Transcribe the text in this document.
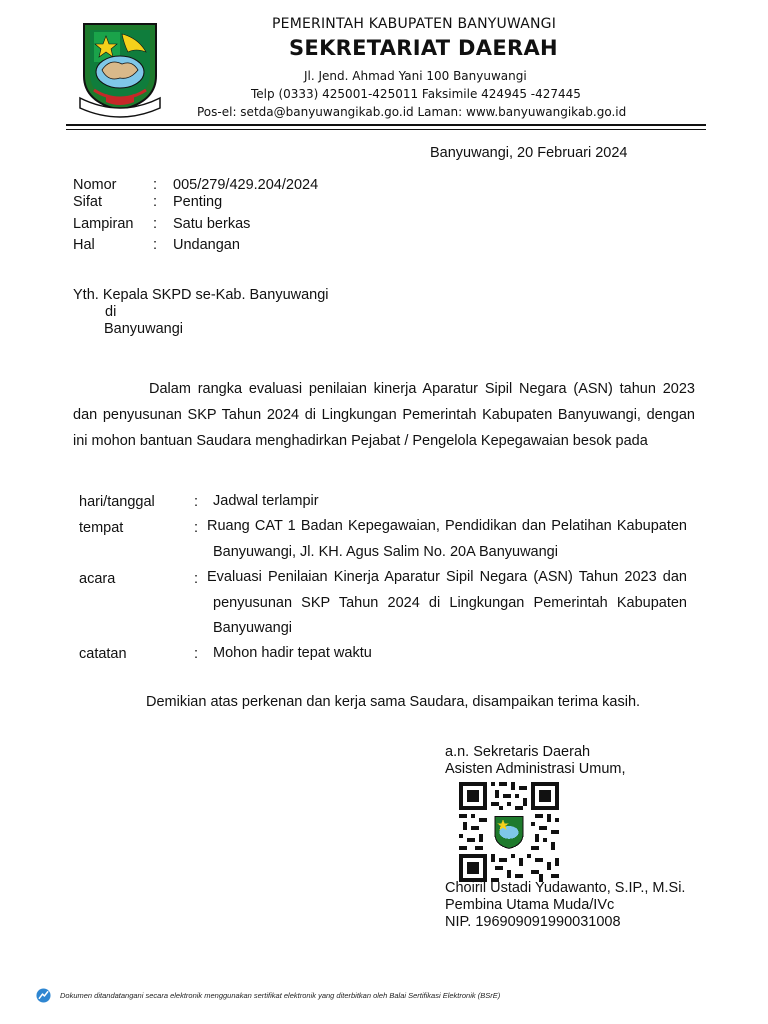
PEMERINTAH KABUPATEN BANYUWANGI
SEKRETARIAT DAERAH
Jl. Jend. Ahmad Yani 100 Banyuwangi
Telp (0333) 425001-425011 Faksimile 424945 -427445
Pos-el: setda@banyuwangikab.go.id Laman: www.banyuwangikab.go.id
Banyuwangi, 20 Februari 2024
Nomor	: 005/279/429.204/2024
Sifat	: Penting
Lampiran : Satu berkas
Hal	: Undangan
Yth. Kepala SKPD se-Kab. Banyuwangi
di
Banyuwangi
Dalam rangka evaluasi penilaian kinerja Aparatur Sipil Negara (ASN) tahun 2023 dan penyusunan SKP Tahun 2024 di Lingkungan Pemerintah Kabupaten Banyuwangi, dengan ini mohon bantuan Saudara menghadirkan Pejabat / Pengelola Kepegawaian besok pada
hari/tanggal	: Jadwal terlampir
tempat	: Ruang CAT 1 Badan Kepegawaian, Pendidikan dan Pelatihan Kabupaten Banyuwangi, Jl. KH. Agus Salim No. 20A Banyuwangi
acara	: Evaluasi Penilaian Kinerja Aparatur Sipil Negara (ASN) Tahun 2023 dan penyusunan SKP Tahun 2024 di Lingkungan Pemerintah Kabupaten Banyuwangi
catatan	: Mohon hadir tepat waktu
Demikian atas perkenan dan kerja sama Saudara, disampaikan terima kasih.
a.n. Sekretaris Daerah
Asisten Administrasi Umum,
Choiril Ustadi Yudawanto, S.IP., M.Si.
Pembina Utama Muda/IVc
NIP. 196909091990031008
Dokumen ditandatangani secara elektronik menggunakan sertifikat elektronik yang diterbitkan oleh Balai Sertifikasi Elektronik (BSrE)
